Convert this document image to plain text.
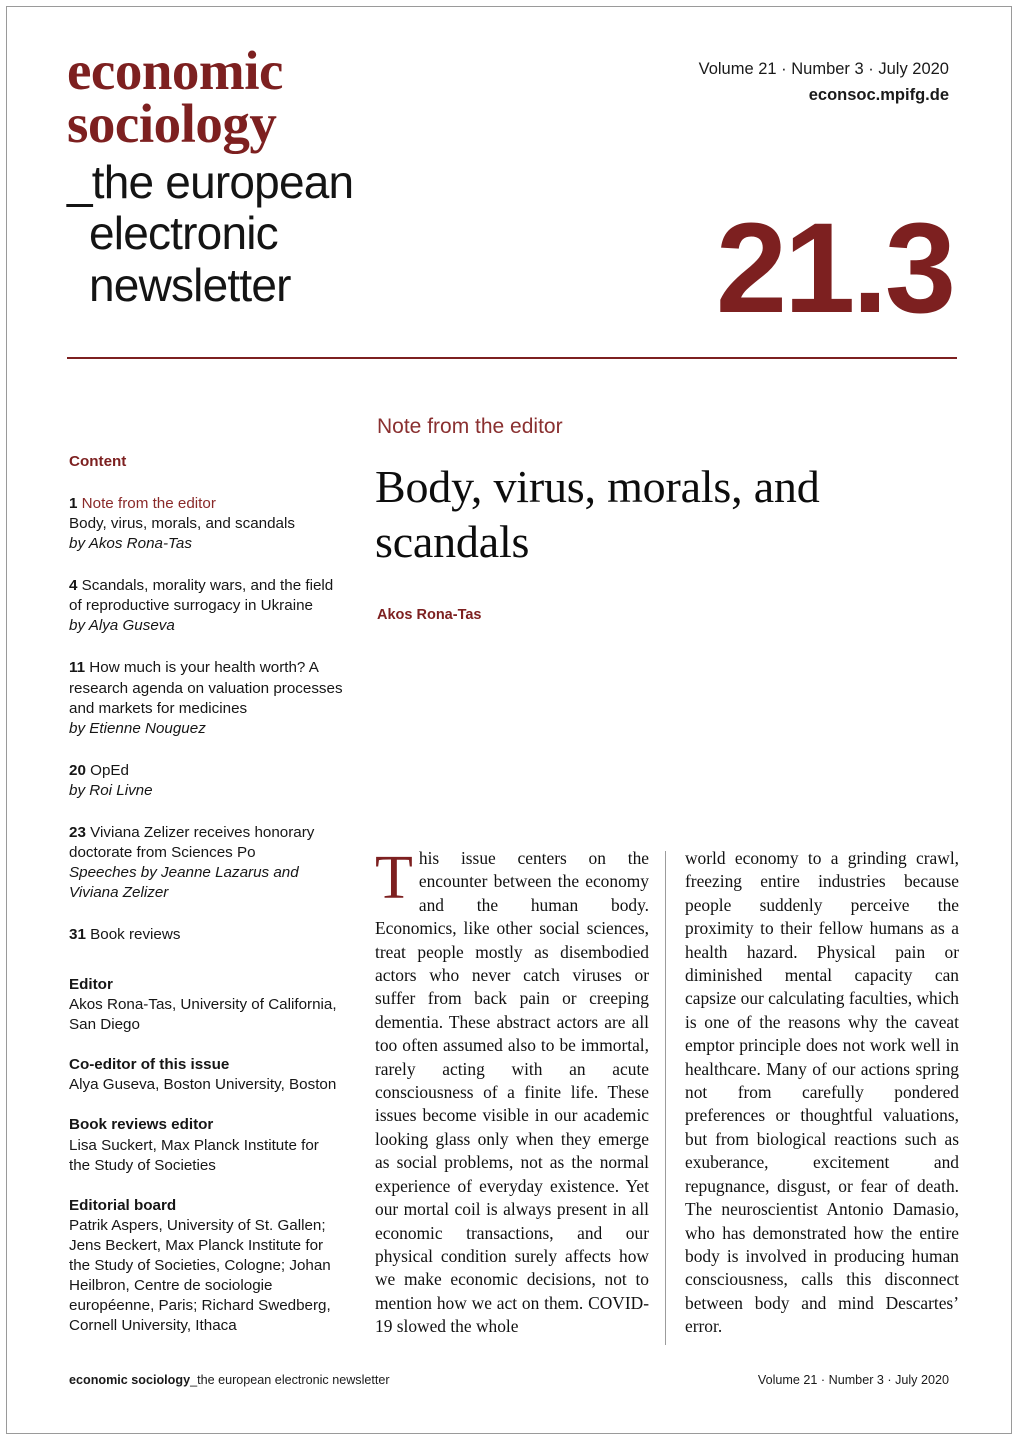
economic
sociology
_the european
electronic
newsletter
Volume 21 · Number 3 · July 2020
econsoc.mpifg.de
21.3
Content
1 Note from the editor
Body, virus, morals, and scandals
by Akos Rona-Tas
4 Scandals, morality wars, and the field of reproductive surrogacy in Ukraine
by Alya Guseva
11 How much is your health worth? A research agenda on valuation processes and markets for medicines
by Etienne Nouguez
20 OpEd
by Roi Livne
23 Viviana Zelizer receives honorary doctorate from Sciences Po
Speeches by Jeanne Lazarus and Viviana Zelizer
31 Book reviews
Editor
Akos Rona-Tas, University of California, San Diego
Co-editor of this issue
Alya Guseva, Boston University, Boston
Book reviews editor
Lisa Suckert, Max Planck Institute for the Study of Societies
Editorial board
Patrik Aspers, University of St. Gallen; Jens Beckert, Max Planck Institute for the Study of Societies, Cologne; Johan Heilbron, Centre de sociologie européenne, Paris; Richard Swedberg, Cornell University, Ithaca
Note from the editor
Body, virus, morals, and scandals
Akos Rona-Tas

This issue centers on the encounter between the economy and the human body. Economics, like other social sciences, treat people mostly as disembodied actors who never catch viruses or suffer from back pain or creeping dementia. These abstract actors are all too often assumed also to be immortal, rarely acting with an acute consciousness of a finite life. These issues become visible in our academic looking glass only when they emerge as social problems, not as the normal experience of everyday existence. Yet our mortal coil is always present in all economic transactions, and our physical condition surely affects how we make economic decisions, not to mention how we act on them. COVID-19 slowed the whole

world economy to a grinding crawl, freezing entire industries because people suddenly perceive the proximity to their fellow humans as a health hazard. Physical pain or diminished mental capacity can capsize our calculating faculties, which is one of the reasons why the caveat emptor principle does not work well in healthcare. Many of our actions spring not from carefully pondered preferences or thoughtful valuations, but from biological reactions such as exuberance, excitement and repugnance, disgust, or fear of death. The neuroscientist Antonio Damasio, who has demonstrated how the entire body is involved in producing human consciousness, calls this disconnect between body and mind Descartes’ error.

economic sociology_the european electronic newsletter	Volume 21 · Number 3 · July 2020
